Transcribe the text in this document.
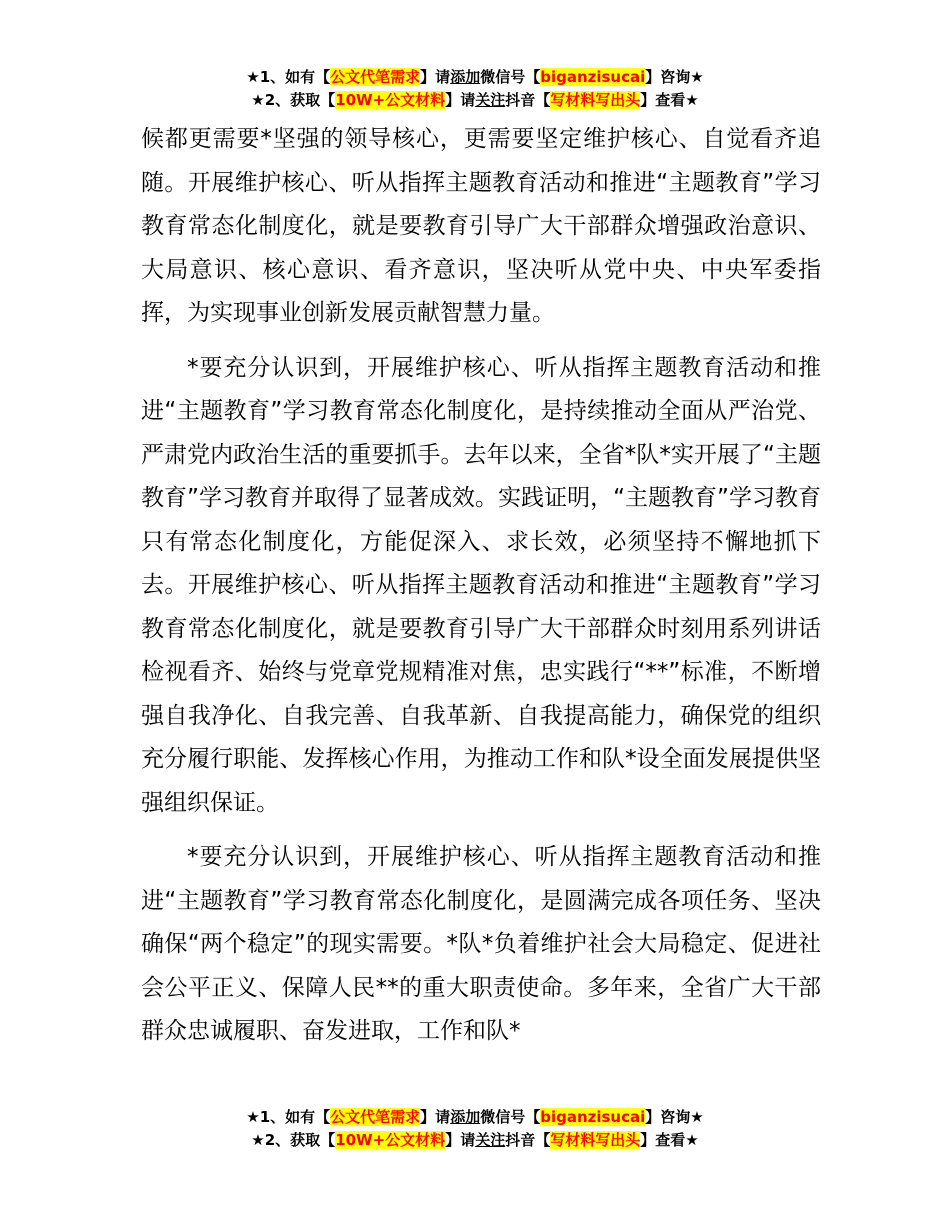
★1、如有【公文代笔需求】请添加微信号【biganzisucai】咨询★
★2、获取【10W+公文材料】请关注抖音【写材料写出头】查看★

候都更需要*坚强的领导核心，更需要坚定维护核心、自觉看齐追随。开展维护核心、听从指挥主题教育活动和推进“主题教育”学习教育常态化制度化，就是要教育引导广大干部群众增强政治意识、大局意识、核心意识、看齐意识，坚决听从党中央、中央军委指挥，为实现事业创新发展贡献智慧力量。

*要充分认识到，开展维护核心、听从指挥主题教育活动和推进“主题教育”学习教育常态化制度化，是持续推动全面从严治党、严肃党内政治生活的重要抓手。去年以来，全省*队*实开展了“主题教育”学习教育并取得了显著成效。实践证明，“主题教育”学习教育只有常态化制度化，方能促深入、求长效，必须坚持不懈地抓下去。开展维护核心、听从指挥主题教育活动和推进“主题教育”学习教育常态化制度化，就是要教育引导广大干部群众时刻用系列讲话检视看齐、始终与党章党规精准对焦，忠实践行“**”标准，不断增强自我净化、自我完善、自我革新、自我提高能力，确保党的组织充分履行职能、发挥核心作用，为推动工作和队*设全面发展提供坚强组织保证。

*要充分认识到，开展维护核心、听从指挥主题教育活动和推进“主题教育”学习教育常态化制度化，是圆满完成各项任务、坚决确保“两个稳定”的现实需要。*队*负着维护社会大局稳定、促进社会公平正义、保障人民**的重大职责使命。多年来，全省广大干部群众忠诚履职、奋发进取，工作和队*

★1、如有【公文代笔需求】请添加微信号【biganzisucai】咨询★
★2、获取【10W+公文材料】请关注抖音【写材料写出头】查看★
